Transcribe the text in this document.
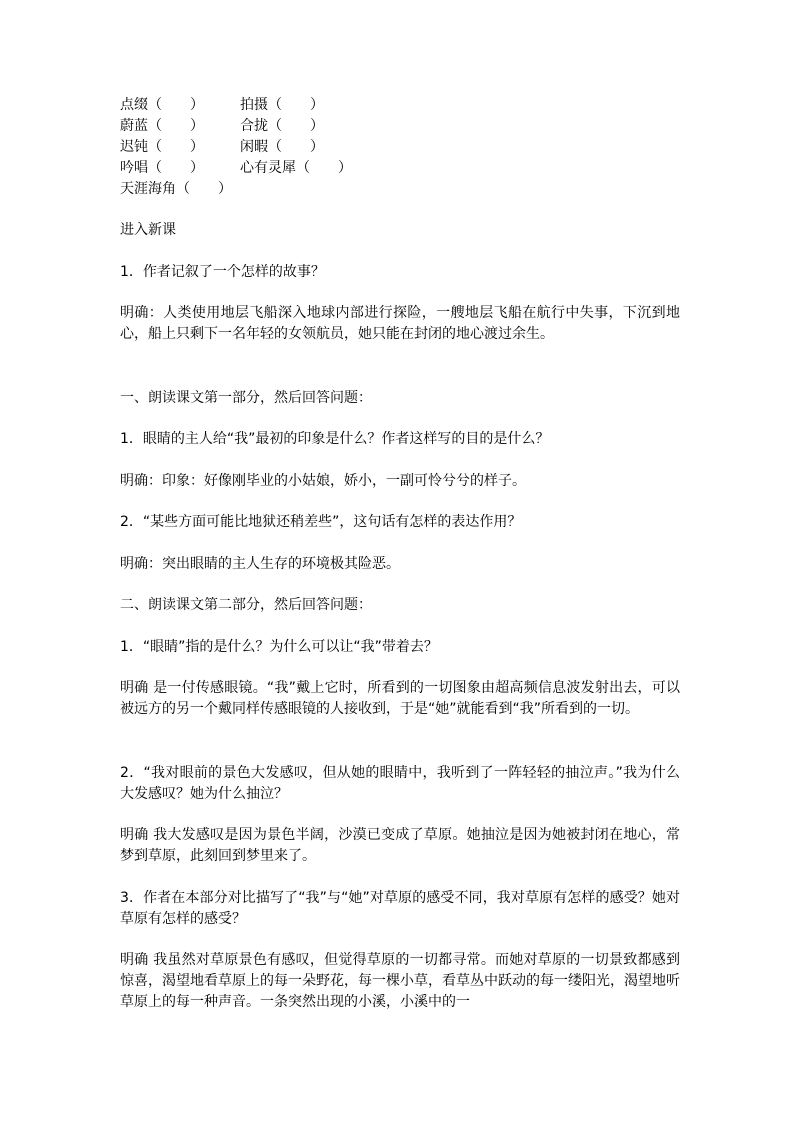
点缀（　　）	拍摄（　　）
蔚蓝（　　）	合拢（　　）
迟钝（　　）	闲暇（　　）
吟唱（　　）	心有灵犀（　　）
天涯海角（　　）
进入新课
1．作者记叙了一个怎样的故事？
明确：人类使用地层飞船深入地球内部进行探险，一艘地层飞船在航行中失事，下沉到地心，船上只剩下一名年轻的女领航员，她只能在封闭的地心渡过余生。
一、朗读课文第一部分，然后回答问题：
1．眼睛的主人给“我”最初的印象是什么？作者这样写的目的是什么？
明确：印象：好像刚毕业的小姑娘，娇小，一副可怜兮兮的样子。
2．“某些方面可能比地狱还稍差些”，这句话有怎样的表达作用？
明确：突出眼睛的主人生存的环境极其险恶。
二、朗读课文第二部分，然后回答问题：
1．“眼睛”指的是什么？为什么可以让“我”带着去？
明确 是一付传感眼镜。“我”戴上它时，所看到的一切图象由超高频信息波发射出去，可以被远方的另一个戴同样传感眼镜的人接收到，于是“她”就能看到“我”所看到的一切。
2．“我对眼前的景色大发感叹，但从她的眼睛中，我听到了一阵轻轻的抽泣声。”我为什么大发感叹？她为什么抽泣？
明确 我大发感叹是因为景色半阔，沙漠已变成了草原。她抽泣是因为她被封闭在地心，常梦到草原，此刻回到梦里来了。
3．作者在本部分对比描写了“我”与“她”对草原的感受不同，我对草原有怎样的感受？她对草原有怎样的感受？
明确 我虽然对草原景色有感叹，但觉得草原的一切都寻常。而她对草原的一切景致都感到惊喜，渴望地看草原上的每一朵野花，每一棵小草，看草丛中跃动的每一缕阳光，渴望地听草原上的每一种声音。一条突然出现的小溪，小溪中的一
